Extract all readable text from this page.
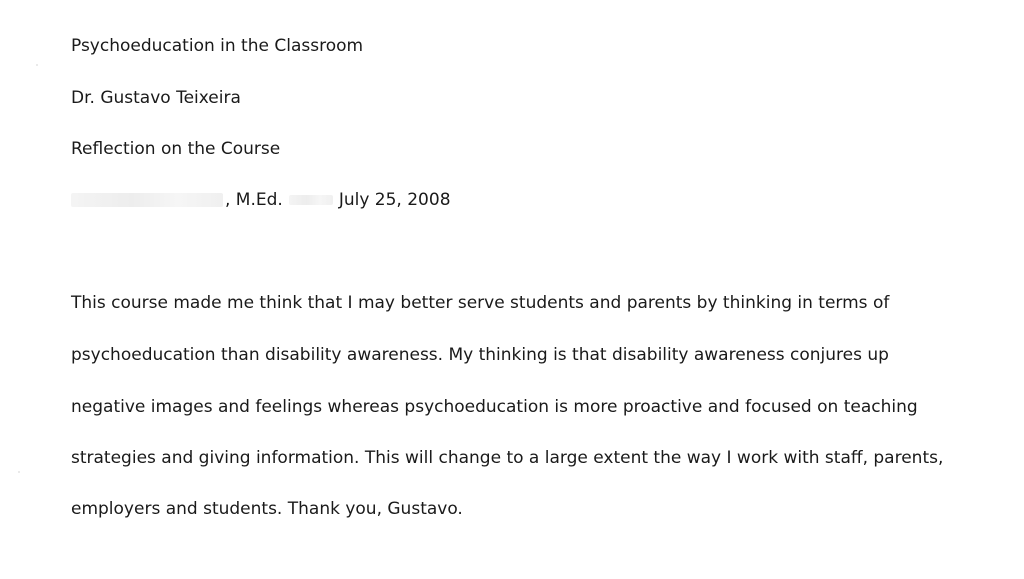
Psychoeducation in the Classroom
Dr. Gustavo Teixeira
Reflection on the Course
, M.Ed.	July 25, 2008
This course made me think that I may better serve students and parents by thinking in terms of
psychoeducation than disability awareness. My thinking is that disability awareness conjures up
negative images and feelings whereas psychoeducation is more proactive and focused on teaching
strategies and giving information. This will change to a large extent the way I work with staff, parents,
employers and students. Thank you, Gustavo.
